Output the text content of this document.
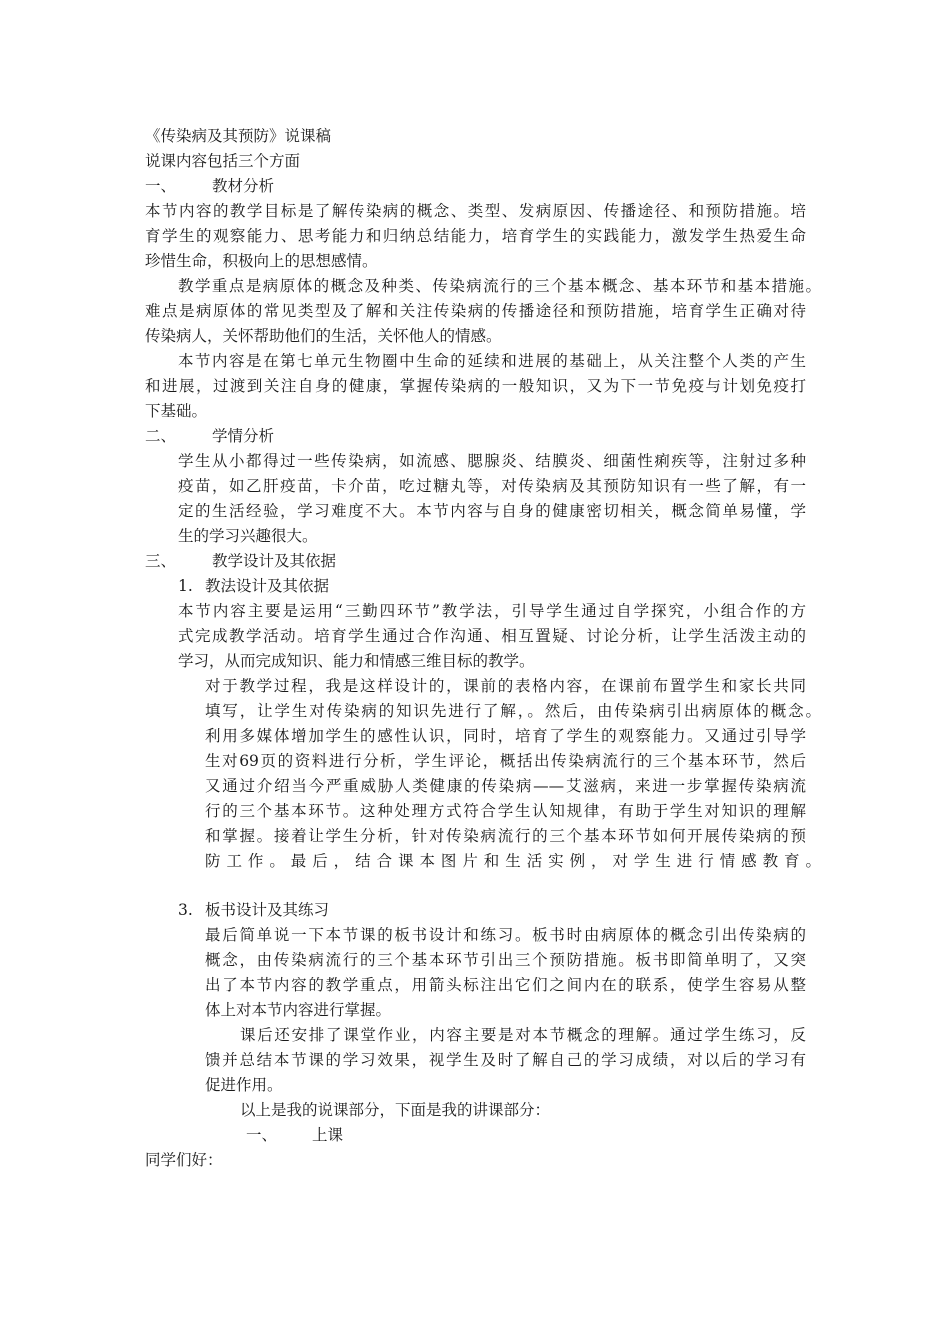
《传染病及其预防》说课稿
说课内容包括三个方面
一、 教材分析
本节内容的教学目标是了解传染病的概念、类型、发病原因、传播途径、和预防措施。培
育学生的观察能力、思考能力和归纳总结能力，培育学生的实践能力，激发学生热爱生命
珍惜生命，积极向上的思想感情。
教学重点是病原体的概念及种类、传染病流行的三个基本概念、基本环节和基本措施。
难点是病原体的常见类型及了解和关注传染病的传播途径和预防措施，培育学生正确对待
传染病人，关怀帮助他们的生活，关怀他人的情感。
本节内容是在第七单元生物圈中生命的延续和进展的基础上，从关注整个人类的产生
和进展，过渡到关注自身的健康，掌握传染病的一般知识，又为下一节免疫与计划免疫打
下基础。
二、 学情分析
学生从小都得过一些传染病，如流感、腮腺炎、结膜炎、细菌性痢疾等，注射过多种
疫苗，如乙肝疫苗，卡介苗，吃过糖丸等，对传染病及其预防知识有一些了解，有一
定的生活经验，学习难度不大。本节内容与自身的健康密切相关，概念简单易懂，学
生的学习兴趣很大。
三、 教学设计及其依据
1. 教法设计及其依据
本节内容主要是运用“三勤四环节”教学法，引导学生通过自学探究，小组合作的方
式完成教学活动。培育学生通过合作沟通、相互置疑、讨论分析，让学生活泼主动的
学习，从而完成知识、能力和情感三维目标的教学。
对于教学过程，我是这样设计的，课前的表格内容，在课前布置学生和家长共同
填写，让学生对传染病的知识先进行了解，。然后，由传染病引出病原体的概念。
利用多媒体增加学生的感性认识，同时，培育了学生的观察能力。又通过引导学
生对69页的资料进行分析，学生评论，概括出传染病流行的三个基本环节，然后
又通过介绍当今严重威胁人类健康的传染病——艾滋病，来进一步掌握传染病流
行的三个基本环节。这种处理方式符合学生认知规律，有助于学生对知识的理解
和掌握。接着让学生分析，针对传染病流行的三个基本环节如何开展传染病的预
防工作。最后，结合课本图片和生活实例，对学生进行情感教育。
3. 板书设计及其练习
最后简单说一下本节课的板书设计和练习。板书时由病原体的概念引出传染病的
概念，由传染病流行的三个基本环节引出三个预防措施。板书即简单明了，又突
出了本节内容的教学重点，用箭头标注出它们之间内在的联系，使学生容易从整
体上对本节内容进行掌握。
课后还安排了课堂作业，内容主要是对本节概念的理解。通过学生练习，反
馈并总结本节课的学习效果，视学生及时了解自己的学习成绩，对以后的学习有
促进作用。
以上是我的说课部分，下面是我的讲课部分：
一、 上课
同学们好：
